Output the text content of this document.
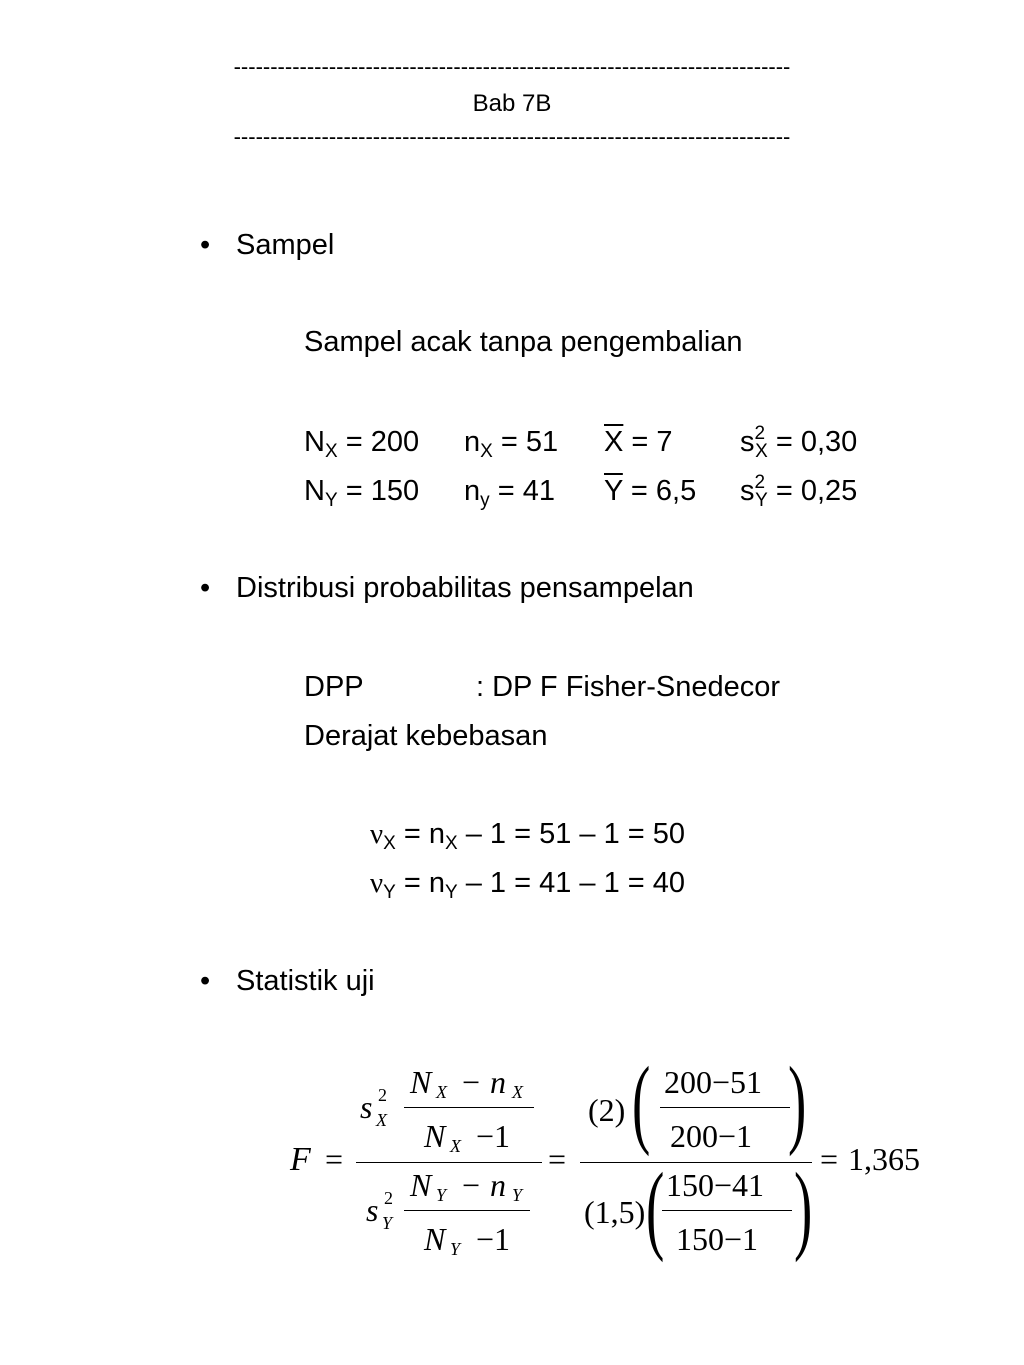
----------------------------------------------------------------------------
Bab 7B
----------------------------------------------------------------------------
• Sampel
Sampel acak tanpa pengembalian
$N_X = 200$ $n_X = 51$ $\overline{X} = 7$ $s^2_X = 0,30$
$N_Y = 150$ $n_y = 41$ $\overline{Y} = 6,5$ $s^2_Y = 0,25$
• Distribusi probabilitas pensampelan
DPP	: DP F Fisher-Snedecor
Derajat kebebasan
$\nu_X = n_X - 1 = 51 - 1 = 50$
$\nu_Y = n_Y - 1 = 41 - 1 = 40$
• Statistik uji
F =
s 2
X
N X − n X
N X −1
s 2
Y
N Y − n Y
N Y −1
=
(2) ( 200−51
200−1 )
(1,5) ( 150−41
150−1 ) = 1,365
